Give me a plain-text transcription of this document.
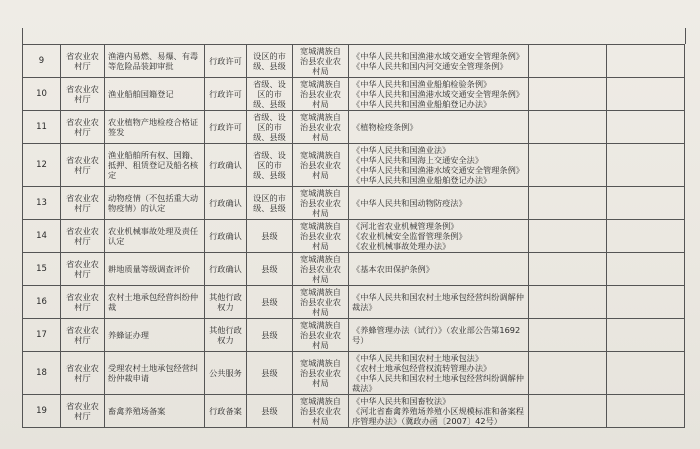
9	省农业农村厅	渔港内易燃、易爆、有毒等危险品装卸审批	行政许可	设区的市级、县级	宽城满族自治县农业农村局	《中华人民共和国渔港水域交通安全管理条例》
《中华人民共和国内河交通安全管理条例》		

10	省农业农村厅	渔业船舶国籍登记	行政许可	省级、设区的市级、县级	宽城满族自治县农业农村局	《中华人民共和国渔业船舶检验条例》
《中华人民共和国渔港水域交通安全管理条例》
《中华人民共和国渔业船舶登记办法》		

11	省农业农村厅	农业植物产地检疫合格证签发	行政许可	省级、设区的市级、县级	宽城满族自治县农业农村局	《植物检疫条例》		

12	省农业农村厅	渔业船舶所有权、国籍、抵押、租赁登记及船名核定	行政确认	省级、设区的市级、县级	宽城满族自治县农业农村局	《中华人民共和国渔业法》
《中华人民共和国海上交通安全法》
《中华人民共和国渔港水域交通安全管理条例》
《中华人民共和国渔业船舶登记办法》		

13	省农业农村厅	动物疫情（不包括重大动物疫情）的认定	行政确认	设区的市级、县级	宽城满族自治县农业农村局	《中华人民共和国动物防疫法》		

14	省农业农村厅	农业机械事故处理及责任认定	行政确认	县级	宽城满族自治县农业农村局	《河北省农业机械管理条例》
《农业机械安全监督管理条例》
《农业机械事故处理办法》		

15	省农业农村厅	耕地质量等级调查评价	行政确认	县级	宽城满族自治县农业农村局	《基本农田保护条例》		

16	省农业农村厅	农村土地承包经营纠纷仲裁	其他行政权力	县级	宽城满族自治县农业农村局	《中华人民共和国农村土地承包经营纠纷调解仲
裁法》		

17	省农业农村厅	养蜂证办理	其他行政权力	县级	宽城满族自治县农业农村局	《养蜂管理办法（试行）》（农业部公告第1692
号）		

18	省农业农村厅	受理农村土地承包经营纠纷仲裁申请	公共服务	县级	宽城满族自治县农业农村局	《中华人民共和国农村土地承包法》
《农村土地承包经营权流转管理办法》
《中华人民共和国农村土地承包经营纠纷调解仲
裁法》		

19	省农业农村厅	畜禽养殖场备案	行政备案	县级	宽城满族自治县农业农村局	《中华人民共和国畜牧法》
《河北省畜禽养殖场养殖小区规模标准和备案程
序管理办法》（冀政办函〔2007〕42号）		
